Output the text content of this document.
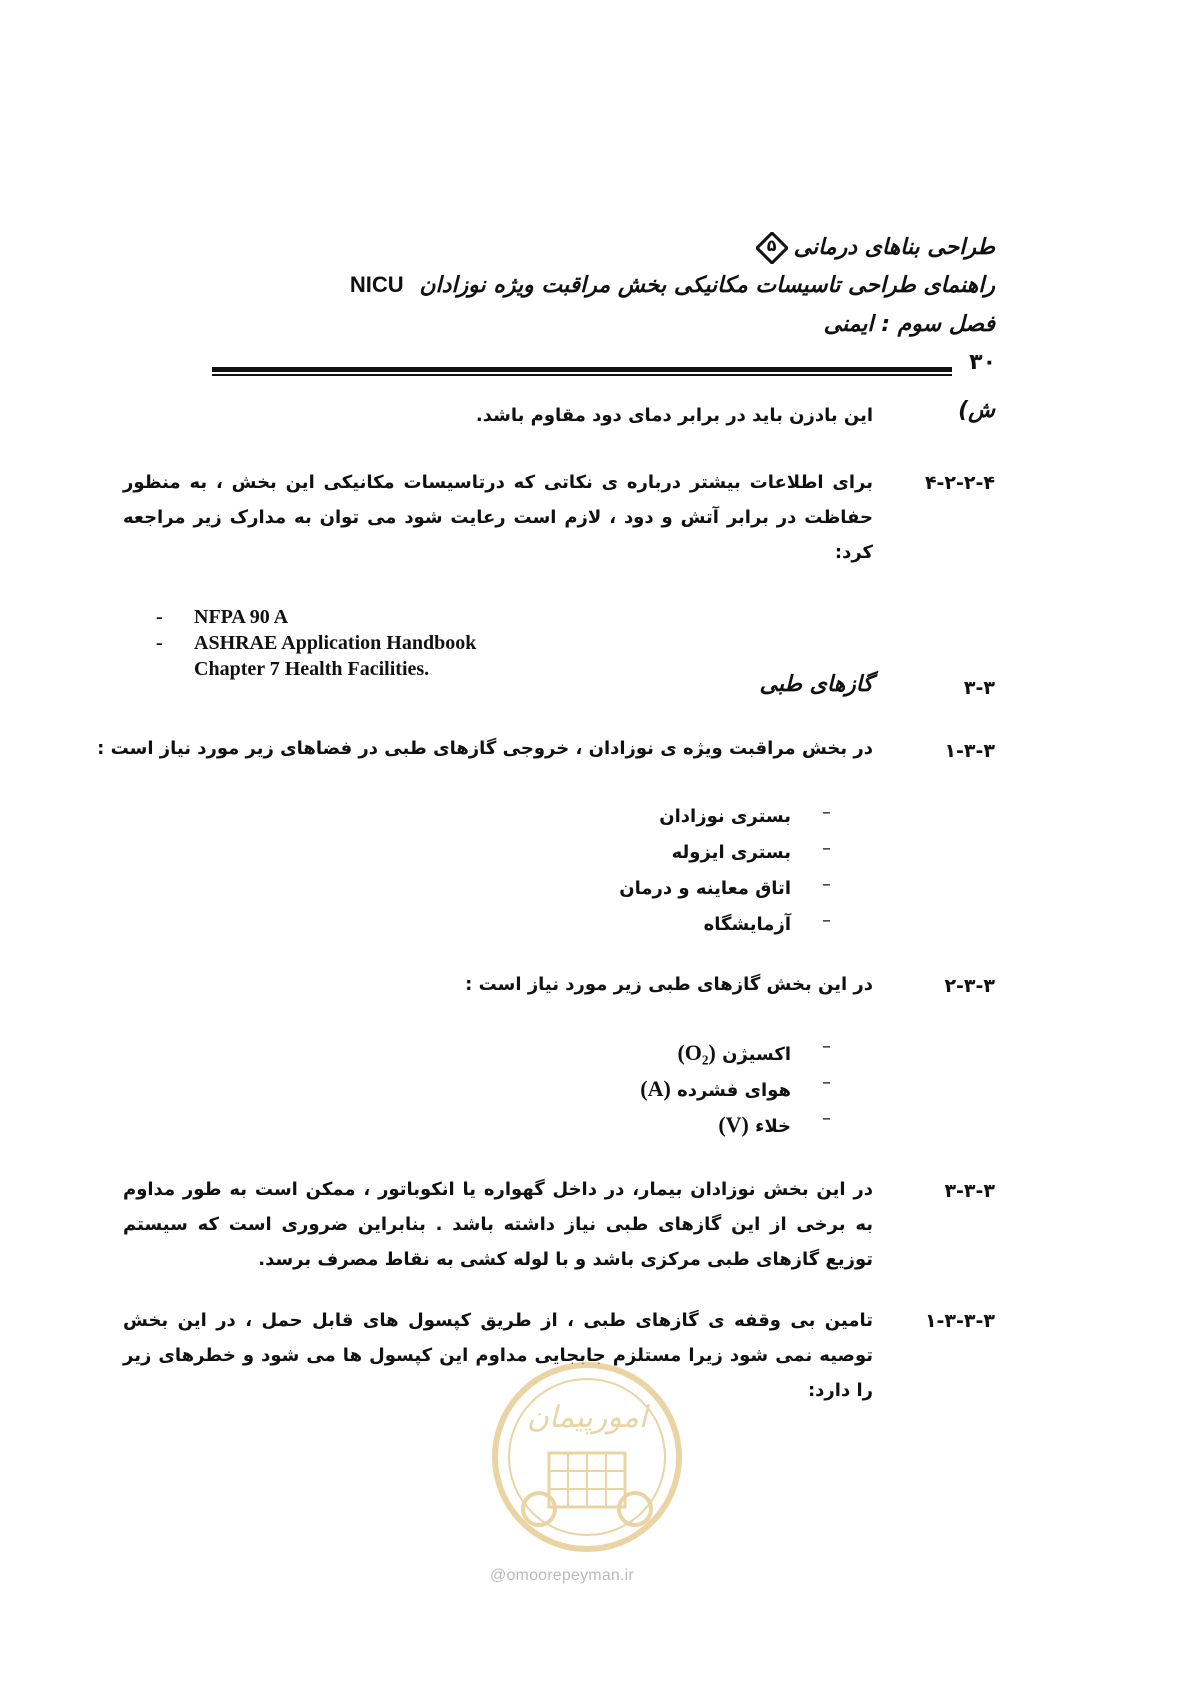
طراحی بناهای درمانی
۵
راهنمای طراحی تاسیسات مکانیکی بخش مراقبت ویژه نوزادان NICU
فصل سوم : ایمنی
۳۰
ش)
این بادزن باید در برابر دمای دود مقاوم باشد.
۴-۲-۲-۴
برای اطلاعات بیشتر درباره ی نکاتی که درتاسیسات مکانیکی این بخش ، به منظور حفاظت در برابر آتش و دود ، لازم است رعایت شود می توان به مدارک زیر مراجعه کرد:
- NFPA 90 A
- ASHRAE Application Handbook
Chapter 7 Health Facilities.
۳-۳
گازهای طبی
۱-۳-۳
در بخش مراقبت ویژه ی نوزادان ، خروجی گازهای طبی در فضاهای زیر مورد نیاز است :
–
بستری نوزادان
–
بستری ایزوله
–
اتاق معاینه و درمان
–
آزمایشگاه
۲-۳-۳
در این بخش گازهای طبی زیر مورد نیاز است :
–
اکسیژن (O₂)
–
هوای فشرده (A)
–
خلاء (V)
۳-۳-۳
در این بخش نوزادان بیمار، در داخل گهواره یا انکوباتور ، ممکن است به طور مداوم به برخی از این گازهای طبی نیاز داشته باشد . بنابراین ضروری است که سیستم توزیع گازهای طبی مرکزی باشد و با لوله کشی به نقاط مصرف برسد.
۱-۳-۳-۳
تامین بی وقفه ی گازهای طبی ، از طریق کپسول های قابل حمل ، در این بخش توصیه نمی شود زیرا مستلزم جابجایی مداوم این کپسول ها می شود و خطرهای زیر را دارد:
امورپیمان
@omoorepeyman.ir
